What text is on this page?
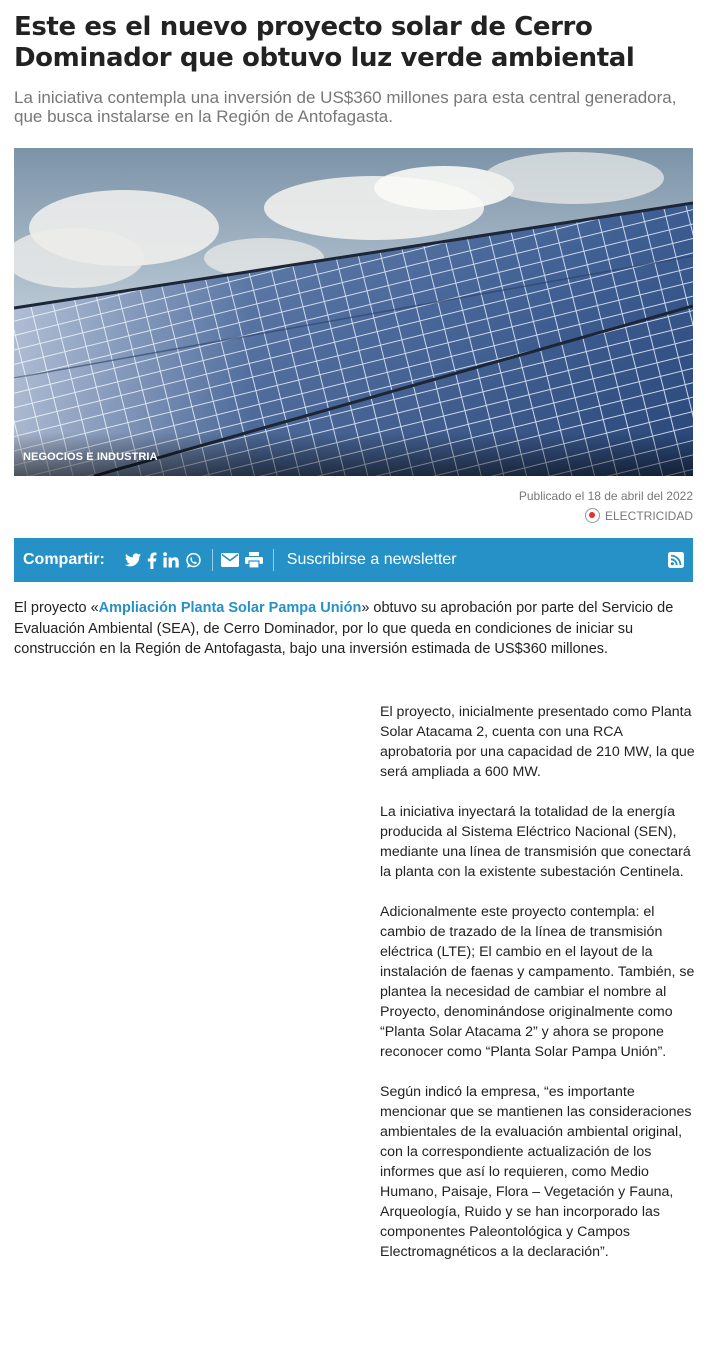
Este es el nuevo proyecto solar de Cerro Dominador que obtuvo luz verde ambiental

La iniciativa contempla una inversión de US$360 millones para esta central generadora, que busca instalarse en la Región de Antofagasta.

NEGOCIOS E INDUSTRIA
Publicado el 18 de abril del 2022
ELECTRICIDAD
Compartir:	Suscribirse a newsletter

El proyecto «Ampliación Planta Solar Pampa Unión» obtuvo su aprobación por parte del Servicio de Evaluación Ambiental (SEA), de Cerro Dominador, por lo que queda en condiciones de iniciar su construcción en la Región de Antofagasta, bajo una inversión estimada de US$360 millones.

El proyecto, inicialmente presentado como Planta Solar Atacama 2, cuenta con una RCA aprobatoria por una capacidad de 210 MW, la que será ampliada a 600 MW.

La iniciativa inyectará la totalidad de la energía producida al Sistema Eléctrico Nacional (SEN), mediante una línea de transmisión que conectará la planta con la existente subestación Centinela.

Adicionalmente este proyecto contempla: el cambio de trazado de la línea de transmisión eléctrica (LTE); El cambio en el layout de la instalación de faenas y campamento. También, se plantea la necesidad de cambiar el nombre al Proyecto, denominándose originalmente como “Planta Solar Atacama 2” y ahora se propone reconocer como “Planta Solar Pampa Unión”.

Según indicó la empresa, “es importante mencionar que se mantienen las consideraciones ambientales de la evaluación ambiental original, con la correspondiente actualización de los informes que así lo requieren, como Medio Humano, Paisaje, Flora – Vegetación y Fauna, Arqueología, Ruido y se han incorporado las componentes Paleontológica y Campos Electromagnéticos a la declaración”.
